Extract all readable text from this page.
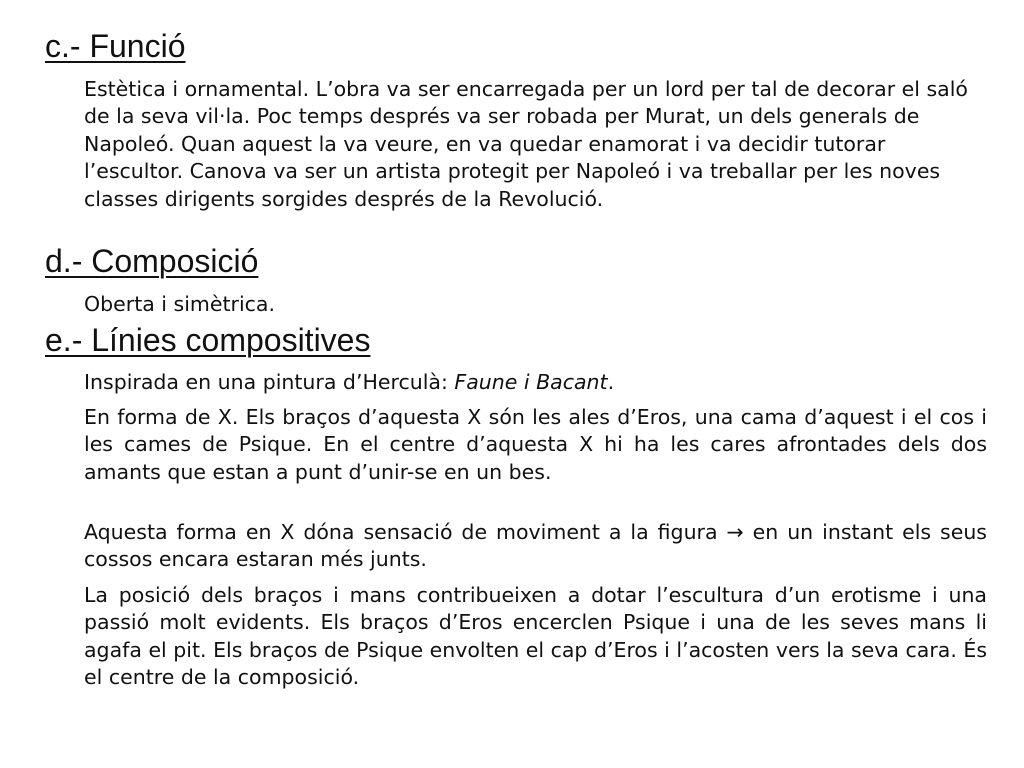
c.- Funció

Estètica i ornamental. L’obra va ser encarregada per un lord per tal de decorar el saló de la seva vil·la. Poc temps després va ser robada per Murat, un dels generals de Napoleó. Quan aquest la va veure, en va quedar enamorat i va decidir tutorar l’escultor. Canova va ser un artista protegit per Napoleó i va treballar per les noves classes dirigents sorgides després de la Revolució.

d.- Composició

Oberta i simètrica.

e.- Línies compositives

Inspirada en una pintura d’Herculà: Faune i Bacant.

En forma de X. Els braços d’aquesta X són les ales d’Eros, una cama d’aquest i el cos i les cames de Psique. En el centre d’aquesta X hi ha les cares afrontades dels dos amants que estan a punt d’unir-se en un bes.

Aquesta forma en X dóna sensació de moviment a la figura → en un instant els seus cossos encara estaran més junts.

La posició dels braços i mans contribueixen a dotar l’escultura d’un erotisme i una passió molt evidents. Els braços d’Eros encerclen Psique i una de les seves mans li agafa el pit. Els braços de Psique envolten el cap d’Eros i l’acosten vers la seva cara. És el centre de la composició.
